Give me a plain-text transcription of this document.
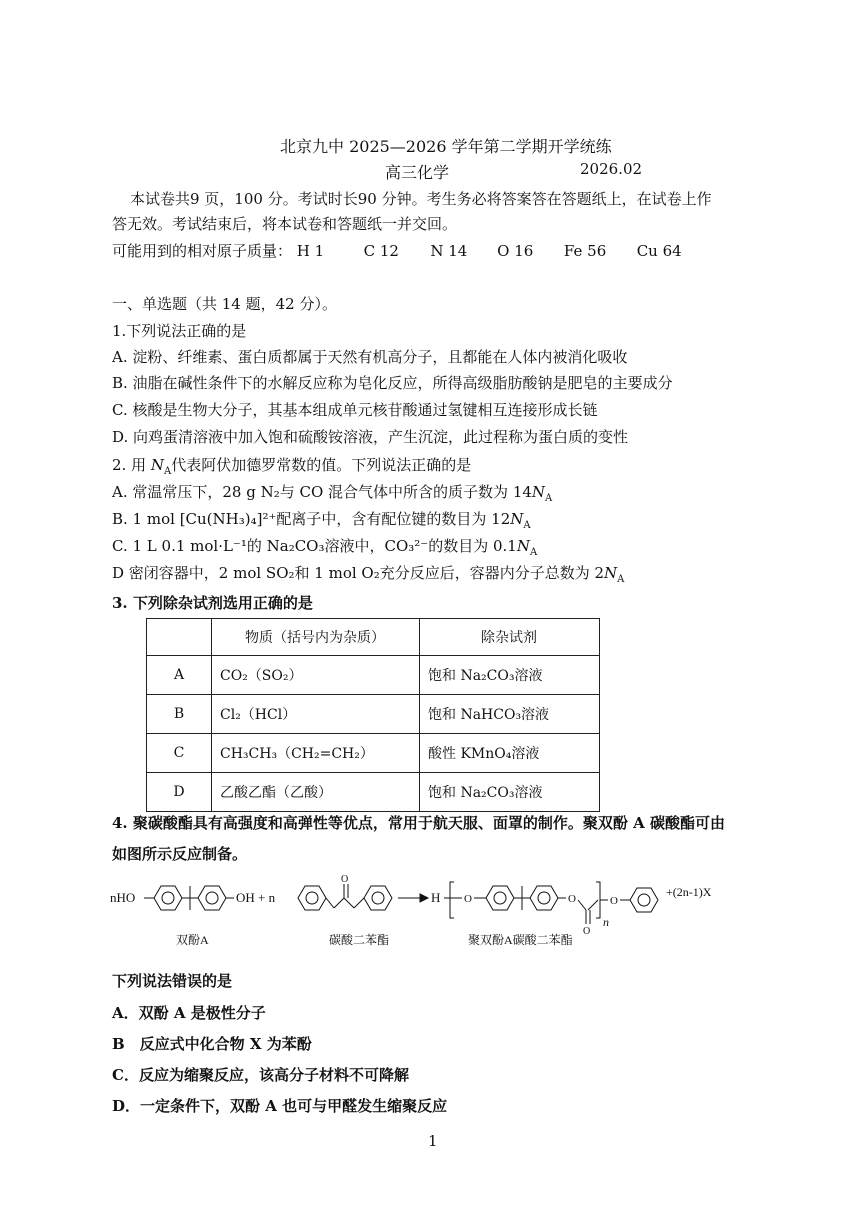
北京九中 2025—2026 学年第二学期开学统练
高三化学	2026.02
本试卷共9 页，100 分。考试时长90 分钟。考生务必将答案答在答题纸上，在试卷上作
答无效。考试结束后，将本试卷和答题纸一并交回。
可能用到的相对原子质量： H 1	C 12 N 14 O 16 Fe 56 Cu 64
一、单选题（共 14 题，42 分）。
1.下列说法正确的是
A. 淀粉、纤维素、蛋白质都属于天然有机高分子，且都能在人体内被消化吸收
B. 油脂在碱性条件下的水解反应称为皂化反应，所得高级脂肪酸钠是肥皂的主要成分
C. 核酸是生物大分子，其基本组成单元核苷酸通过氢键相互连接形成长链
D. 向鸡蛋清溶液中加入饱和硫酸铵溶液，产生沉淀，此过程称为蛋白质的变性
2. 用 $N_A$代表阿伏加德罗常数的值。下列说法正确的是
A. 常温常压下，28 g N₂与 CO 混合气体中所含的质子数为 $14N_A$
B. 1 mol [Cu(NH₃)₄]²⁺配离子中，含有配位键的数目为 $12N_A$
C. 1 L 0.1 mol·L⁻¹的 Na₂CO₃溶液中，CO₃²⁻的数目为 $0.1N_A$
D 密闭容器中，2 mol SO₂和 1 mol O₂充分反应后，容器内分子总数为 $2N_A$
3. 下列除杂试剂选用正确的是
	物质（括号内为杂质）	除杂试剂
A	CO₂（SO₂）	饱和 Na₂CO₃溶液
B	Cl₂（HCl）	饱和 NaHCO₃溶液
C	CH₃CH₃（CH₂=CH₂）	酸性 KMnO₄溶液
D	乙酸乙酯（乙酸）	饱和 Na₂CO₃溶液
4. 聚碳酸酯具有高强度和高弹性等优点，常用于航天服、面罩的制作。聚双酚 A 碳酸酯可由
如图所示反应制备。
nHO	OH + n
O
H O	O
O
n
O
+(2n-1)X
双酚A	碳酸二苯酯	聚双酚A碳酸二苯酯
下列说法错误的是
A．双酚 A 是极性分子
B　反应式中化合物 X 为苯酚
C．反应为缩聚反应，该高分子材料不可降解
D．一定条件下，双酚 A 也可与甲醛发生缩聚反应
1
